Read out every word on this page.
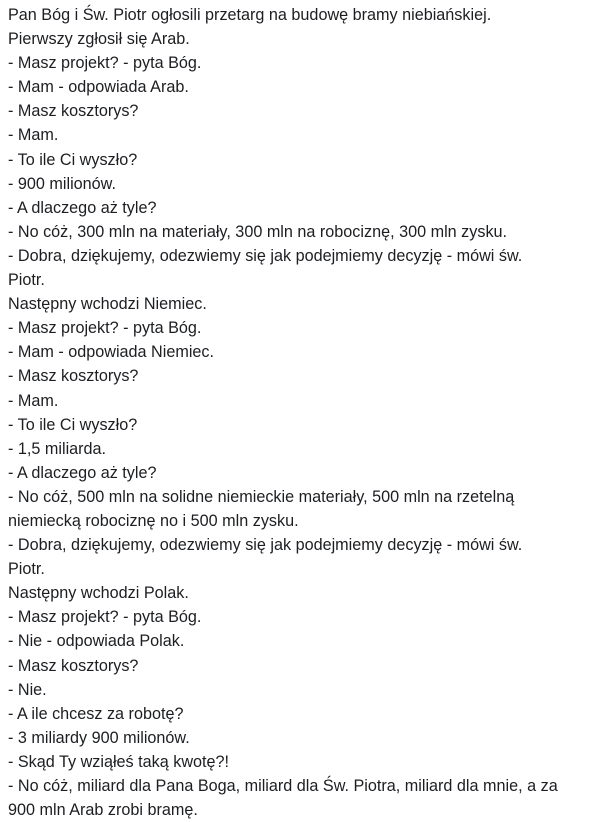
Pan Bóg i Św. Piotr ogłosili przetarg na budowę bramy niebiańskiej.
Pierwszy zgłosił się Arab.
- Masz projekt? - pyta Bóg.
- Mam - odpowiada Arab.
- Masz kosztorys?
- Mam.
- To ile Ci wyszło?
- 900 milionów.
- A dlaczego aż tyle?
- No cóż, 300 mln na materiały, 300 mln na robociznę, 300 mln zysku.
- Dobra, dziękujemy, odezwiemy się jak podejmiemy decyzję - mówi św.
Piotr.
Następny wchodzi Niemiec.
- Masz projekt? - pyta Bóg.
- Mam - odpowiada Niemiec.
- Masz kosztorys?
- Mam.
- To ile Ci wyszło?
- 1,5 miliarda.
- A dlaczego aż tyle?
- No cóż, 500 mln na solidne niemieckie materiały, 500 mln na rzetelną
niemiecką robociznę no i 500 mln zysku.
- Dobra, dziękujemy, odezwiemy się jak podejmiemy decyzję - mówi św.
Piotr.
Następny wchodzi Polak.
- Masz projekt? - pyta Bóg.
- Nie - odpowiada Polak.
- Masz kosztorys?
- Nie.
- A ile chcesz za robotę?
- 3 miliardy 900 milionów.
- Skąd Ty wziąłeś taką kwotę?!
- No cóż, miliard dla Pana Boga, miliard dla Św. Piotra, miliard dla mnie, a za
900 mln Arab zrobi bramę.
